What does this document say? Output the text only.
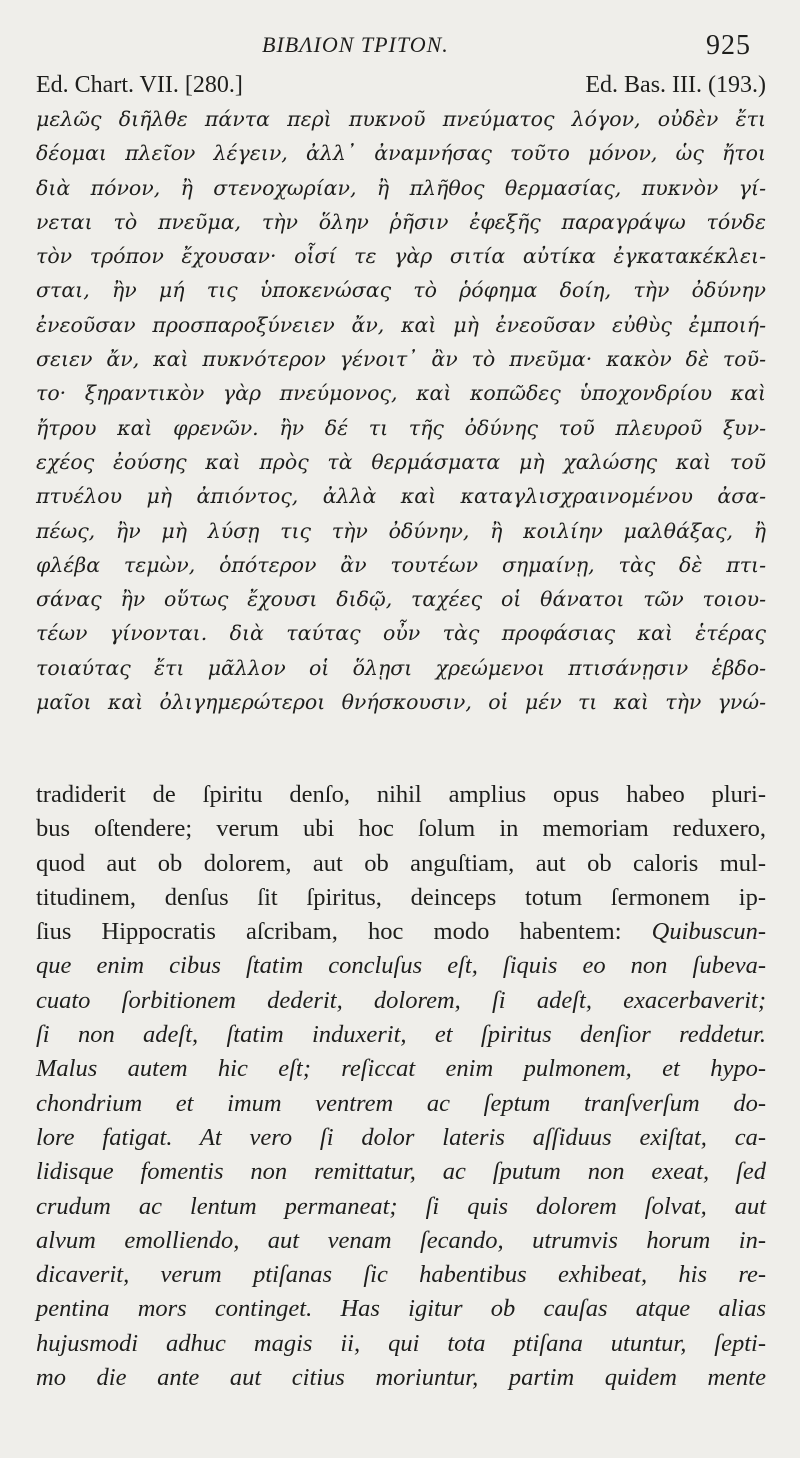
ΒΙΒΛΙΟΝ ΤΡΙΤΟΝ.	925
Ed. Chart. VII. [280.]	Ed. Bas. III. (193.)
μελῶς διῆλθε πάντα περὶ πυκνοῦ πνεύματος λόγον, οὐδὲν ἔτι
δέομαι πλεῖον λέγειν, ἀλλ᾽ ἀναμνήσας τοῦτο μόνον, ὡς ἤτοι
διὰ πόνον, ἢ στενοχωρίαν, ἢ πλῆθος θερμασίας, πυκνὸν γί-
νεται τὸ πνεῦμα, τὴν ὅλην ῥῆσιν ἐφεξῆς παραγράψω τόνδε
τὸν τρόπον ἔχουσαν· οἷσί τε γὰρ σιτία αὐτίκα ἐγκατακέκλει-
σται, ἢν μή τις ὑποκενώσας τὸ ῥόφημα δοίη, τὴν ὀδύνην
ἐνεοῦσαν προσπαροξύνειεν ἄν, καὶ μὴ ἐνεοῦσαν εὐθὺς ἐμποιή-
σειεν ἄν, καὶ πυκνότερον γένοιτ᾽ ἂν τὸ πνεῦμα· κακὸν δὲ τοῦ-
το· ξηραντικὸν γὰρ πνεύμονος, καὶ κοπῶδες ὑποχονδρίου καὶ
ἤτρου καὶ φρενῶν. ἢν δέ τι τῆς ὀδύνης τοῦ πλευροῦ ξυν-
εχέος ἐούσης καὶ πρὸς τὰ θερμάσματα μὴ χαλώσης καὶ τοῦ
πτυέλου μὴ ἀπιόντος, ἀλλὰ καὶ καταγλισχραινομένου ἀσα-
πέως, ἢν μὴ λύσῃ τις τὴν ὀδύνην, ἢ κοιλίην μαλθάξας, ἢ
φλέβα τεμὼν, ὁπότερον ἂν τουτέων σημαίνῃ, τὰς δὲ πτι-
σάνας ἢν οὕτως ἔχουσι διδῷ, ταχέες οἱ θάνατοι τῶν τοιου-
τέων γίνονται. διὰ ταύτας οὖν τὰς προφάσιας καὶ ἑτέρας
τοιαύτας ἔτι μᾶλλον οἱ ὅλῃσι χρεώμενοι πτισάνῃσιν ἑβδο-
μαῖοι καὶ ὀλιγημερώτεροι θνήσκουσιν, οἱ μέν τι καὶ τὴν γνώ-
tradiderit de ſpiritu denſo, nihil amplius opus habeo pluri-
bus oſtendere; verum ubi hoc ſolum in memoriam reduxero,
quod aut ob dolorem, aut ob anguſtiam, aut ob caloris mul-
titudinem, denſus ſit ſpiritus, deinceps totum ſermonem ip-
ſius Hippocratis aſcribam, hoc modo habentem: Quibuscun-
que enim cibus ſtatim concluſus eſt, ſiquis eo non ſubeva-
cuato ſorbitionem dederit, dolorem, ſi adeſt, exacerbaverit;
ſi non adeſt, ſtatim induxerit, et ſpiritus denſior reddetur.
Malus autem hic eſt; reſiccat enim pulmonem, et hypo-
chondrium et imum ventrem ac ſeptum tranſverſum do-
lore fatigat. At vero ſi dolor lateris aſſiduus exiſtat, ca-
lidisque fomentis non remittatur, ac ſputum non exeat, ſed
crudum ac lentum permaneat; ſi quis dolorem ſolvat, aut
alvum emolliendo, aut venam ſecando, utrumvis horum in-
dicaverit, verum ptiſanas ſic habentibus exhibeat, his re-
pentina mors continget. Has igitur ob cauſas atque alias
hujusmodi adhuc magis ii, qui tota ptiſana utuntur, ſepti-
mo die ante aut citius moriuntur, partim quidem mente
